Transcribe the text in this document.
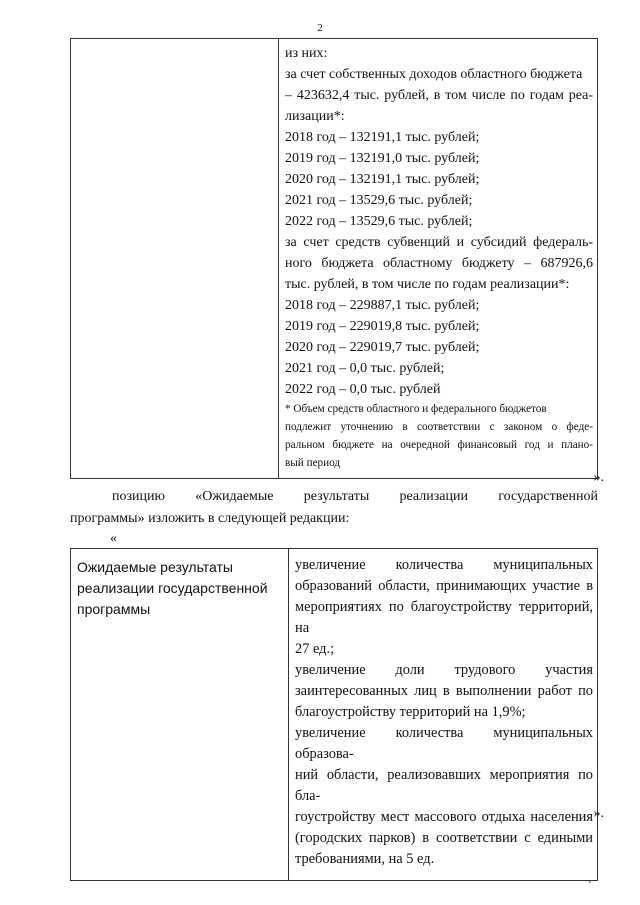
2

из них:
за счет собственных доходов областного бюджета
– 423632,4 тыс. рублей, в том числе по годам реа-
лизации*:
2018 год – 132191,1 тыс. рублей;
2019 год – 132191,0 тыс. рублей;
2020 год – 132191,1 тыс. рублей;
2021 год – 13529,6 тыс. рублей;
2022 год – 13529,6 тыс. рублей;
за счет средств субвенций и субсидий федераль-
ного бюджета областному бюджету – 687926,6
тыс. рублей, в том числе по годам реализации*:
2018 год – 229887,1 тыс. рублей;
2019 год – 229019,8 тыс. рублей;
2020 год – 229019,7 тыс. рублей;
2021 год – 0,0 тыс. рублей;
2022 год – 0,0 тыс. рублей
* Объем средств областного и федерального бюджетов
подлежит уточнению в соответствии с законом о феде-
ральном бюджете на очередной финансовый год и плано-
вый период
».
позицию «Ожидаемые результаты реализации государственной
программы» изложить в следующей редакции:
«
Ожидаемые результаты
реализации государственной
программы

увеличение количества муниципальных
образований области, принимающих участие в
мероприятиях по благоустройству территорий, на
27 ед.;
увеличение доли трудового участия
заинтересованных лиц в выполнении работ по
благоустройству территорий на 1,9%;
увеличение количества муниципальных образова-
ний области, реализовавших мероприятия по бла-
гоустройству мест массового отдыха населения
(городских парков) в соответствии с едиными
требованиями, на 5 ед.
».
'
